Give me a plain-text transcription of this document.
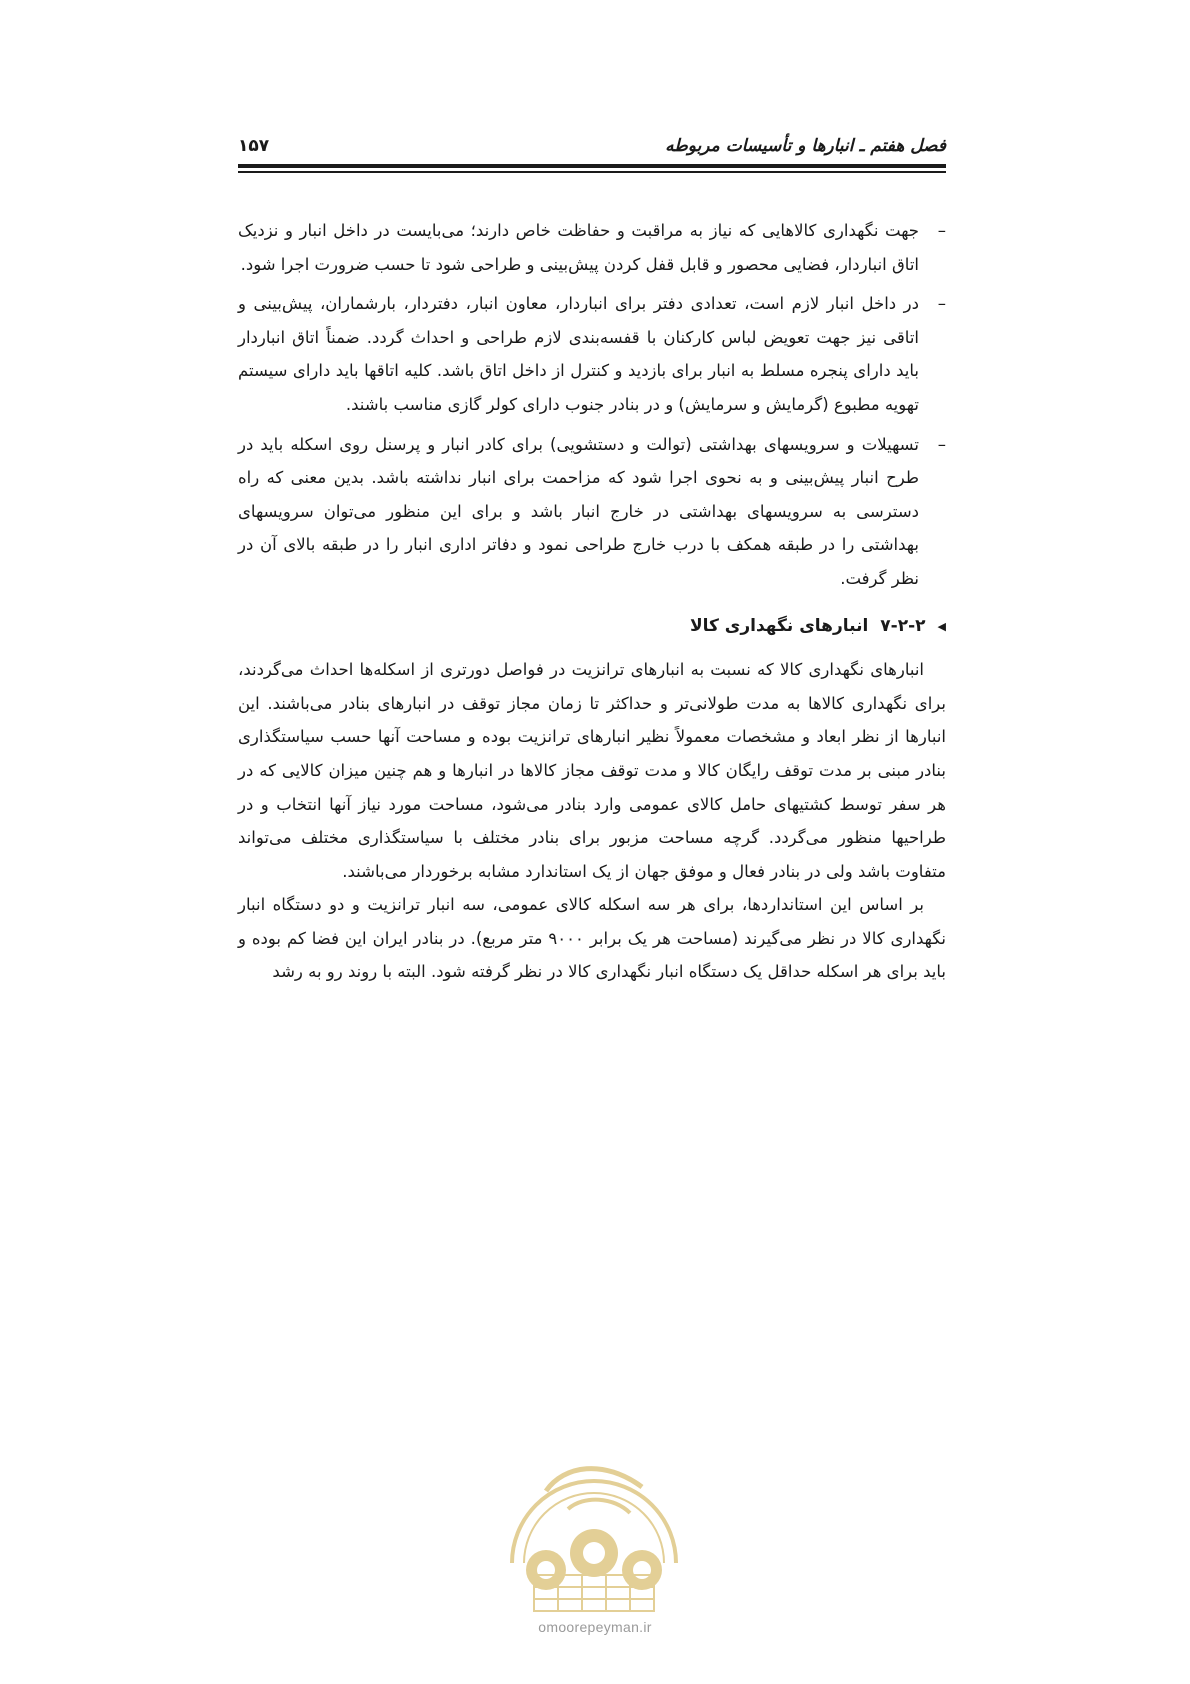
فصل هفتم ـ انبارها و تأسیسات مربوطه
۱۵۷

–
جهت نگهداری کالاهایی که نیاز به مراقبت و حفاظت خاص دارند؛ می‌بایست در داخل انبار و نزدیک اتاق انباردار، فضایی محصور و قابل قفل کردن پیش‌بینی و طراحی شود تا حسب ضرورت اجرا شود.

–
در داخل انبار لازم است، تعدادی دفتر برای انباردار، معاون انبار، دفتردار، بارشماران، پیش‌بینی و اتاقی نیز جهت تعویض لباس کارکنان با قفسه‌بندی لازم طراحی و احداث گردد. ضمناً اتاق انباردار باید دارای پنجره مسلط به انبار برای بازدید و کنترل از داخل اتاق باشد. کلیه اتاقها باید دارای سیستم تهویه مطبوع (گرمایش و سرمایش) و در بنادر جنوب دارای کولر گازی مناسب باشند.

–
تسهیلات و سرویسهای بهداشتی (توالت و دستشویی) برای کادر انبار و پرسنل روی اسکله باید در طرح انبار پیش‌بینی و به نحوی اجرا شود که مزاحمت برای انبار نداشته باشد. بدین معنی که راه دسترسی به سرویسهای بهداشتی در خارج انبار باشد و برای این منظور می‌توان سرویسهای بهداشتی را در طبقه همکف با درب خارج طراحی نمود و دفاتر اداری انبار را در طبقه بالای آن در نظر گرفت.

◀
۷-۲-۲
انبارهای نگهداری کالا

انبارهای نگهداری کالا که نسبت به انبارهای ترانزیت در فواصل دورتری از اسکله‌ها احداث می‌گردند، برای نگهداری کالاها به مدت طولانی‌تر و حداکثر تا زمان مجاز توقف در انبارهای بنادر می‌باشند. این انبارها از نظر ابعاد و مشخصات معمولاً نظیر انبارهای ترانزیت بوده و مساحت آنها حسب سیاستگذاری بنادر مبنی بر مدت توقف رایگان کالا و مدت توقف مجاز کالاها در انبارها و هم چنین میزان کالایی که در هر سفر توسط کشتیهای حامل کالای عمومی وارد بنادر می‌شود، مساحت مورد نیاز آنها انتخاب و در طراحیها منظور می‌گردد. گرچه مساحت مزبور برای بنادر مختلف با سیاستگذاری مختلف می‌تواند متفاوت باشد ولی در بنادر فعال و موفق جهان از یک استاندارد مشابه برخوردار می‌باشند.

بر اساس این استانداردها، برای هر سه اسکله کالای عمومی، سه انبار ترانزیت و دو دستگاه انبار نگهداری کالا در نظر می‌گیرند (مساحت هر یک برابر ۹۰۰۰ متر مربع). در بنادر ایران این فضا کم بوده و باید برای هر اسکله حداقل یک دستگاه انبار نگهداری کالا در نظر گرفته شود. البته با روند رو به رشد

omoorepeyman.ir
